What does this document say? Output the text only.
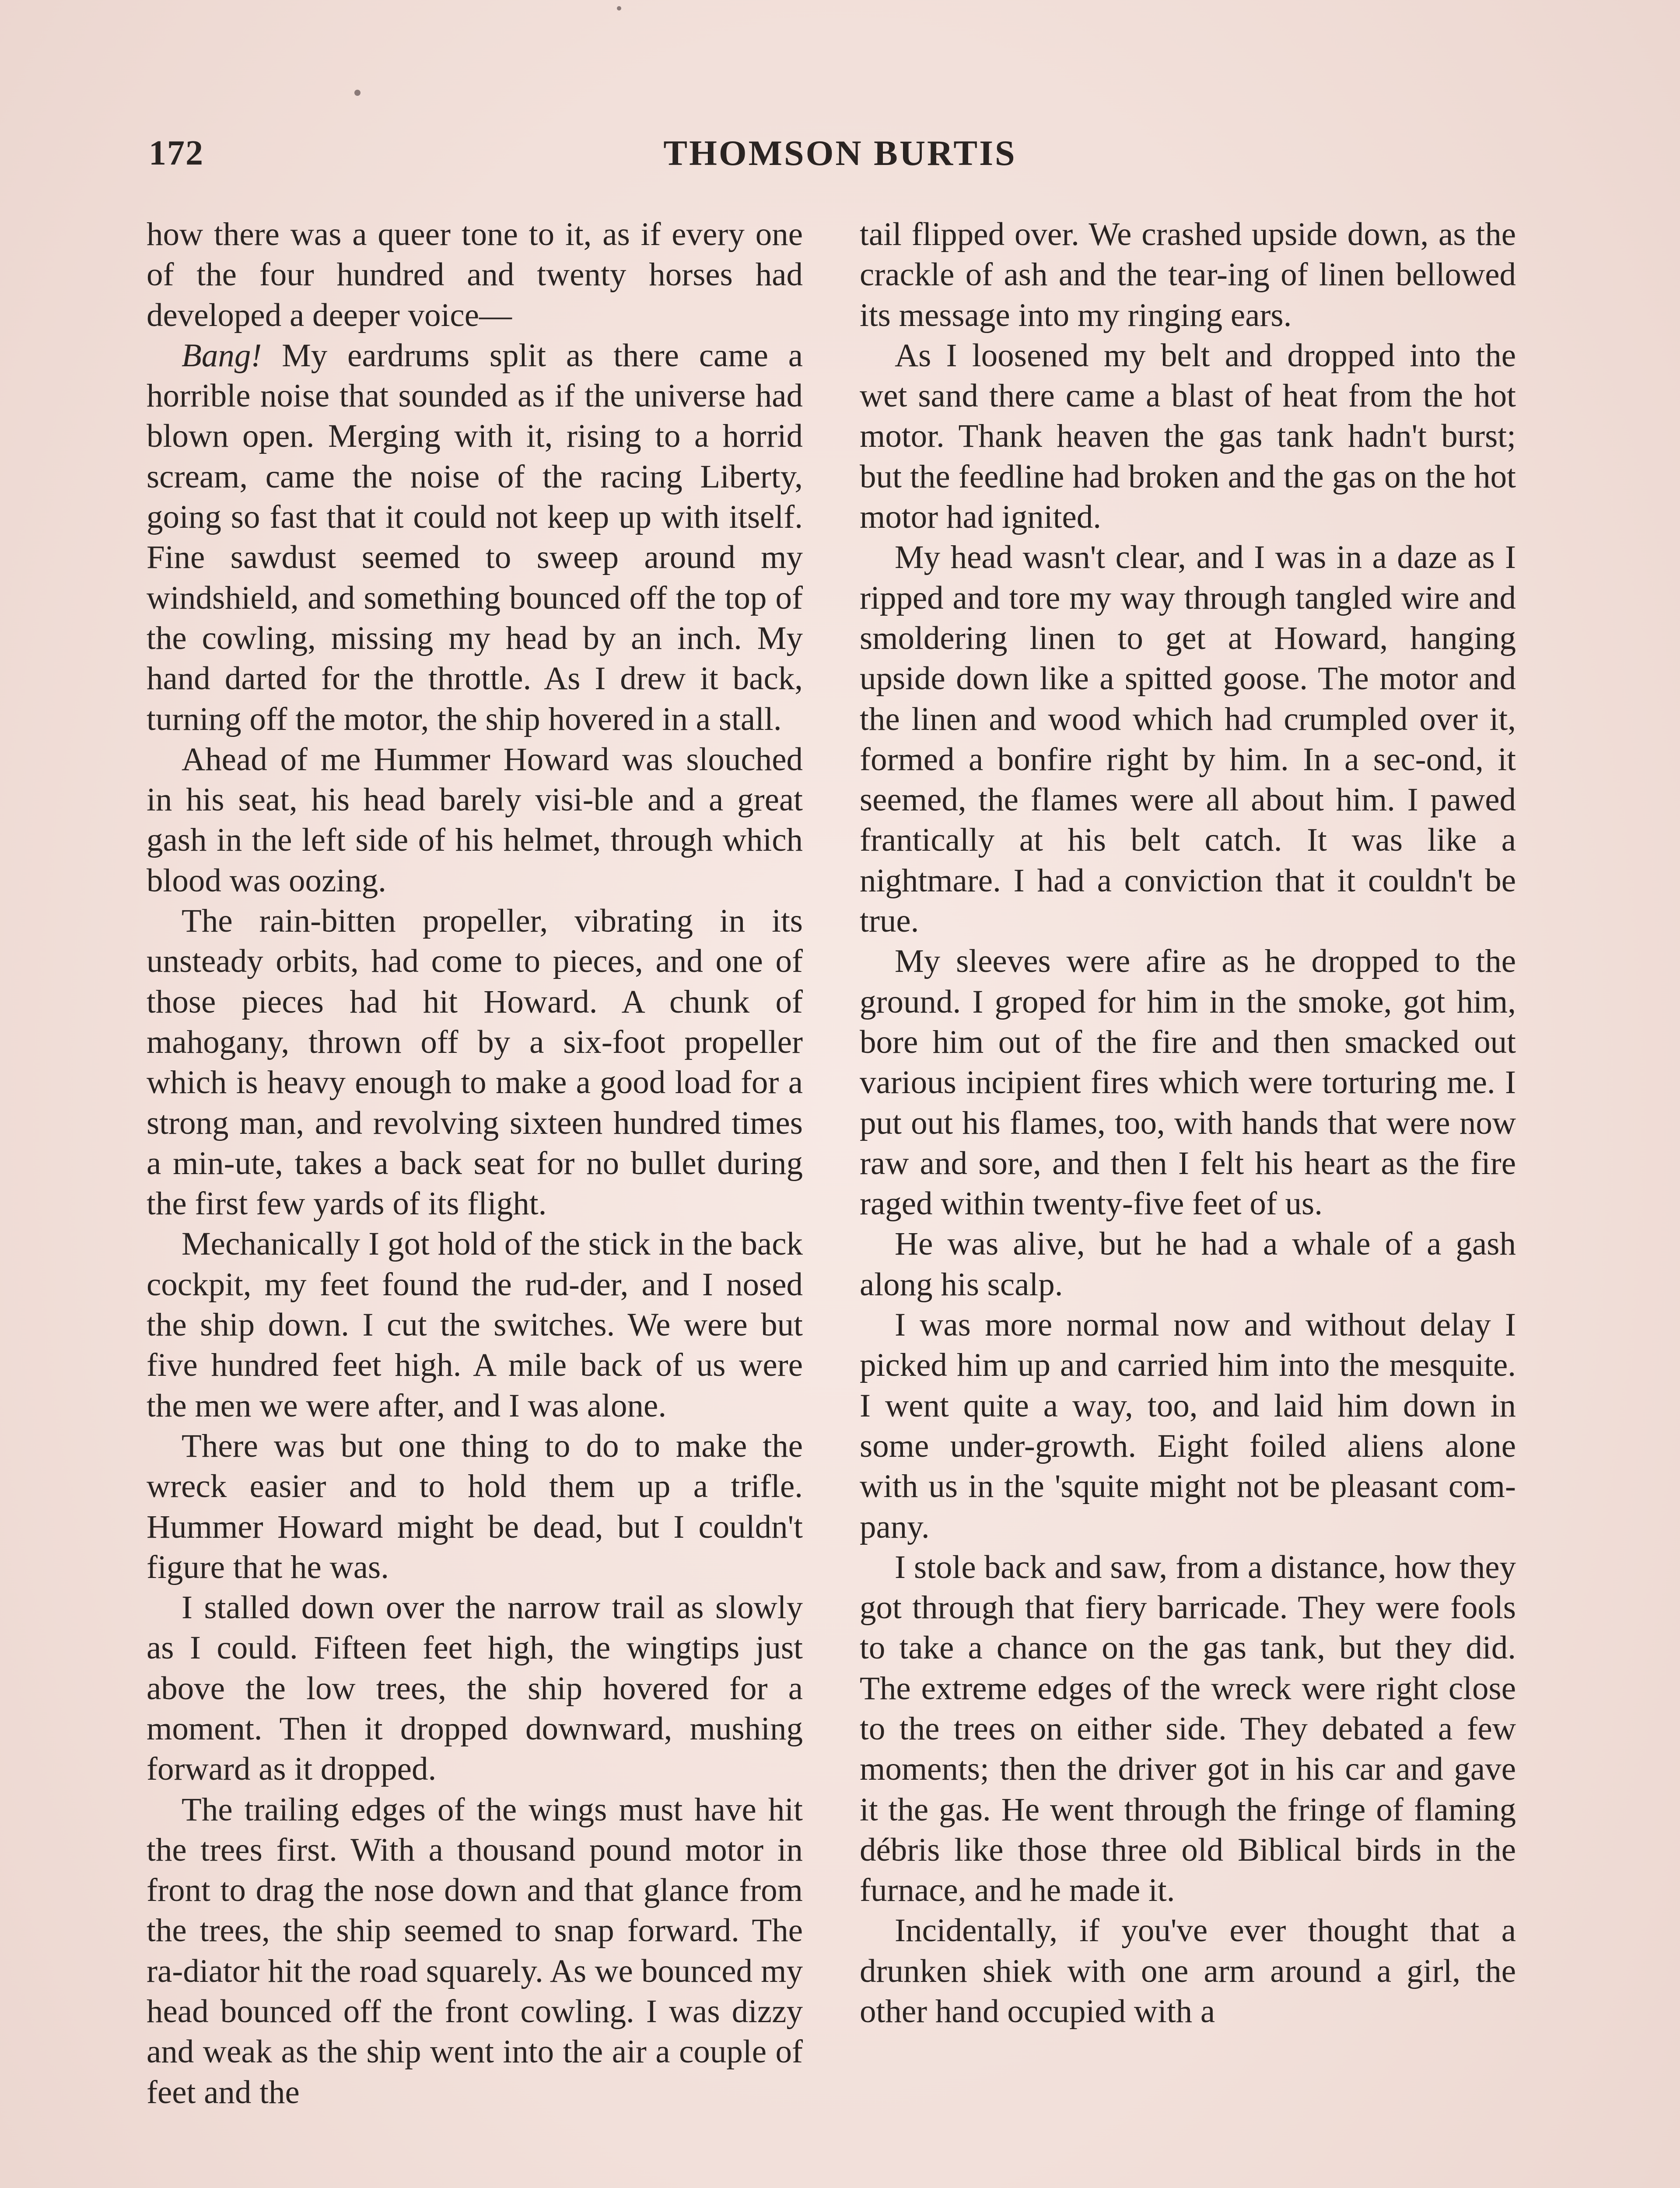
172	THOMSON BURTIS

how there was a queer tone to it, as if every one of the four hundred and twenty horses had developed a deeper voice—

Bang! My eardrums split as there came a horrible noise that sounded as if the universe had blown open. Merging with it, rising to a horrid scream, came the noise of the racing Liberty, going so fast that it could not keep up with itself. Fine sawdust seemed to sweep around my windshield, and something bounced off the top of the cowling, missing my head by an inch. My hand darted for the throttle. As I drew it back, turning off the motor, the ship hovered in a stall.

Ahead of me Hummer Howard was slouched in his seat, his head barely visi-ble and a great gash in the left side of his helmet, through which blood was oozing.

The rain-bitten propeller, vibrating in its unsteady orbits, had come to pieces, and one of those pieces had hit Howard. A chunk of mahogany, thrown off by a six-foot propeller which is heavy enough to make a good load for a strong man, and revolving sixteen hundred times a min-ute, takes a back seat for no bullet during the first few yards of its flight.

Mechanically I got hold of the stick in the back cockpit, my feet found the rud-der, and I nosed the ship down. I cut the switches. We were but five hundred feet high. A mile back of us were the men we were after, and I was alone.

There was but one thing to do to make the wreck easier and to hold them up a trifle. Hummer Howard might be dead, but I couldn't figure that he was.

I stalled down over the narrow trail as slowly as I could. Fifteen feet high, the wingtips just above the low trees, the ship hovered for a moment. Then it dropped downward, mushing forward as it dropped.

The trailing edges of the wings must have hit the trees first. With a thousand pound motor in front to drag the nose down and that glance from the trees, the ship seemed to snap forward. The ra-diator hit the road squarely. As we bounced my head bounced off the front cowling. I was dizzy and weak as the ship went into the air a couple of feet and the

tail flipped over. We crashed upside down, as the crackle of ash and the tear-ing of linen bellowed its message into my ringing ears.

As I loosened my belt and dropped into the wet sand there came a blast of heat from the hot motor. Thank heaven the gas tank hadn't burst; but the feedline had broken and the gas on the hot motor had ignited.

My head wasn't clear, and I was in a daze as I ripped and tore my way through tangled wire and smoldering linen to get at Howard, hanging upside down like a spitted goose. The motor and the linen and wood which had crumpled over it, formed a bonfire right by him. In a sec-ond, it seemed, the flames were all about him. I pawed frantically at his belt catch. It was like a nightmare. I had a conviction that it couldn't be true.

My sleeves were afire as he dropped to the ground. I groped for him in the smoke, got him, bore him out of the fire and then smacked out various incipient fires which were torturing me. I put out his flames, too, with hands that were now raw and sore, and then I felt his heart as the fire raged within twenty-five feet of us.

He was alive, but he had a whale of a gash along his scalp.

I was more normal now and without delay I picked him up and carried him into the mesquite. I went quite a way, too, and laid him down in some under-growth. Eight foiled aliens alone with us in the 'squite might not be pleasant com-pany.

I stole back and saw, from a distance, how they got through that fiery barricade. They were fools to take a chance on the gas tank, but they did. The extreme edges of the wreck were right close to the trees on either side. They debated a few moments; then the driver got in his car and gave it the gas. He went through the fringe of flaming débris like those three old Biblical birds in the furnace, and he made it.

Incidentally, if you've ever thought that a drunken shiek with one arm around a girl, the other hand occupied with a
